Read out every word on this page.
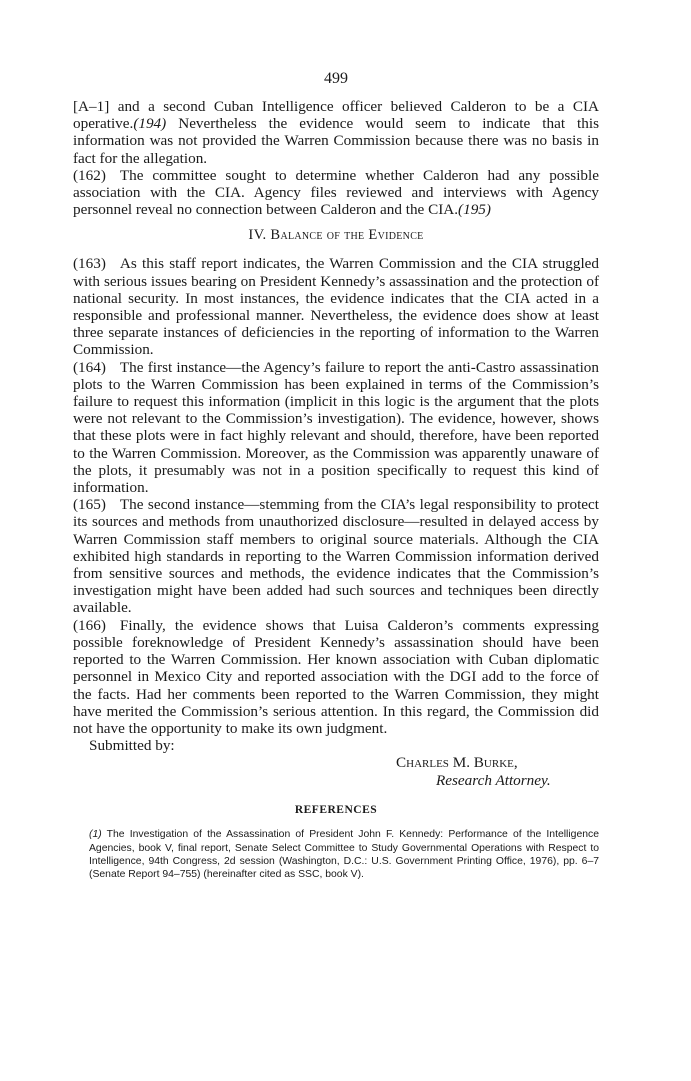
499

[A–1] and a second Cuban Intelligence officer believed Calderon to be a CIA operative.(194) Nevertheless the evidence would seem to indicate that this information was not provided the Warren Commission because there was no basis in fact for the allegation.

(162) The committee sought to determine whether Calderon had any possible association with the CIA. Agency files reviewed and interviews with Agency personnel reveal no connection between Calderon and the CIA.(195)

IV. Balance of the Evidence

(163) As this staff report indicates, the Warren Commission and the CIA struggled with serious issues bearing on President Kennedy’s assassination and the protection of national security. In most instances, the evidence indicates that the CIA acted in a responsible and professional manner. Nevertheless, the evidence does show at least three separate instances of deficiencies in the reporting of information to the Warren Commission.

(164) The first instance—the Agency’s failure to report the anti-Castro assassination plots to the Warren Commission has been explained in terms of the Commission’s failure to request this information (implicit in this logic is the argument that the plots were not relevant to the Commission’s investigation). The evidence, however, shows that these plots were in fact highly relevant and should, therefore, have been reported to the Warren Commission. Moreover, as the Commission was apparently unaware of the plots, it presumably was not in a position specifically to request this kind of information.

(165) The second instance—stemming from the CIA’s legal responsibility to protect its sources and methods from unauthorized disclosure—resulted in delayed access by Warren Commission staff members to original source materials. Although the CIA exhibited high standards in reporting to the Warren Commission information derived from sensitive sources and methods, the evidence indicates that the Commission’s investigation might have been added had such sources and techniques been directly available.

(166) Finally, the evidence shows that Luisa Calderon’s comments expressing possible foreknowledge of President Kennedy’s assassination should have been reported to the Warren Commission. Her known association with Cuban diplomatic personnel in Mexico City and reported association with the DGI add to the force of the facts. Had her comments been reported to the Warren Commission, they might have merited the Commission’s serious attention. In this regard, the Commission did not have the opportunity to make its own judgment.

Submitted by:
Charles M. Burke,
Research Attorney.
REFERENCES
(1) The Investigation of the Assassination of President John F. Kennedy: Performance of the Intelligence Agencies, book V, final report, Senate Select Committee to Study Governmental Operations with Respect to Intelligence, 94th Congress, 2d session (Washington, D.C.: U.S. Government Printing Office, 1976), pp. 6–7 (Senate Report 94–755) (hereinafter cited as SSC, book V).
